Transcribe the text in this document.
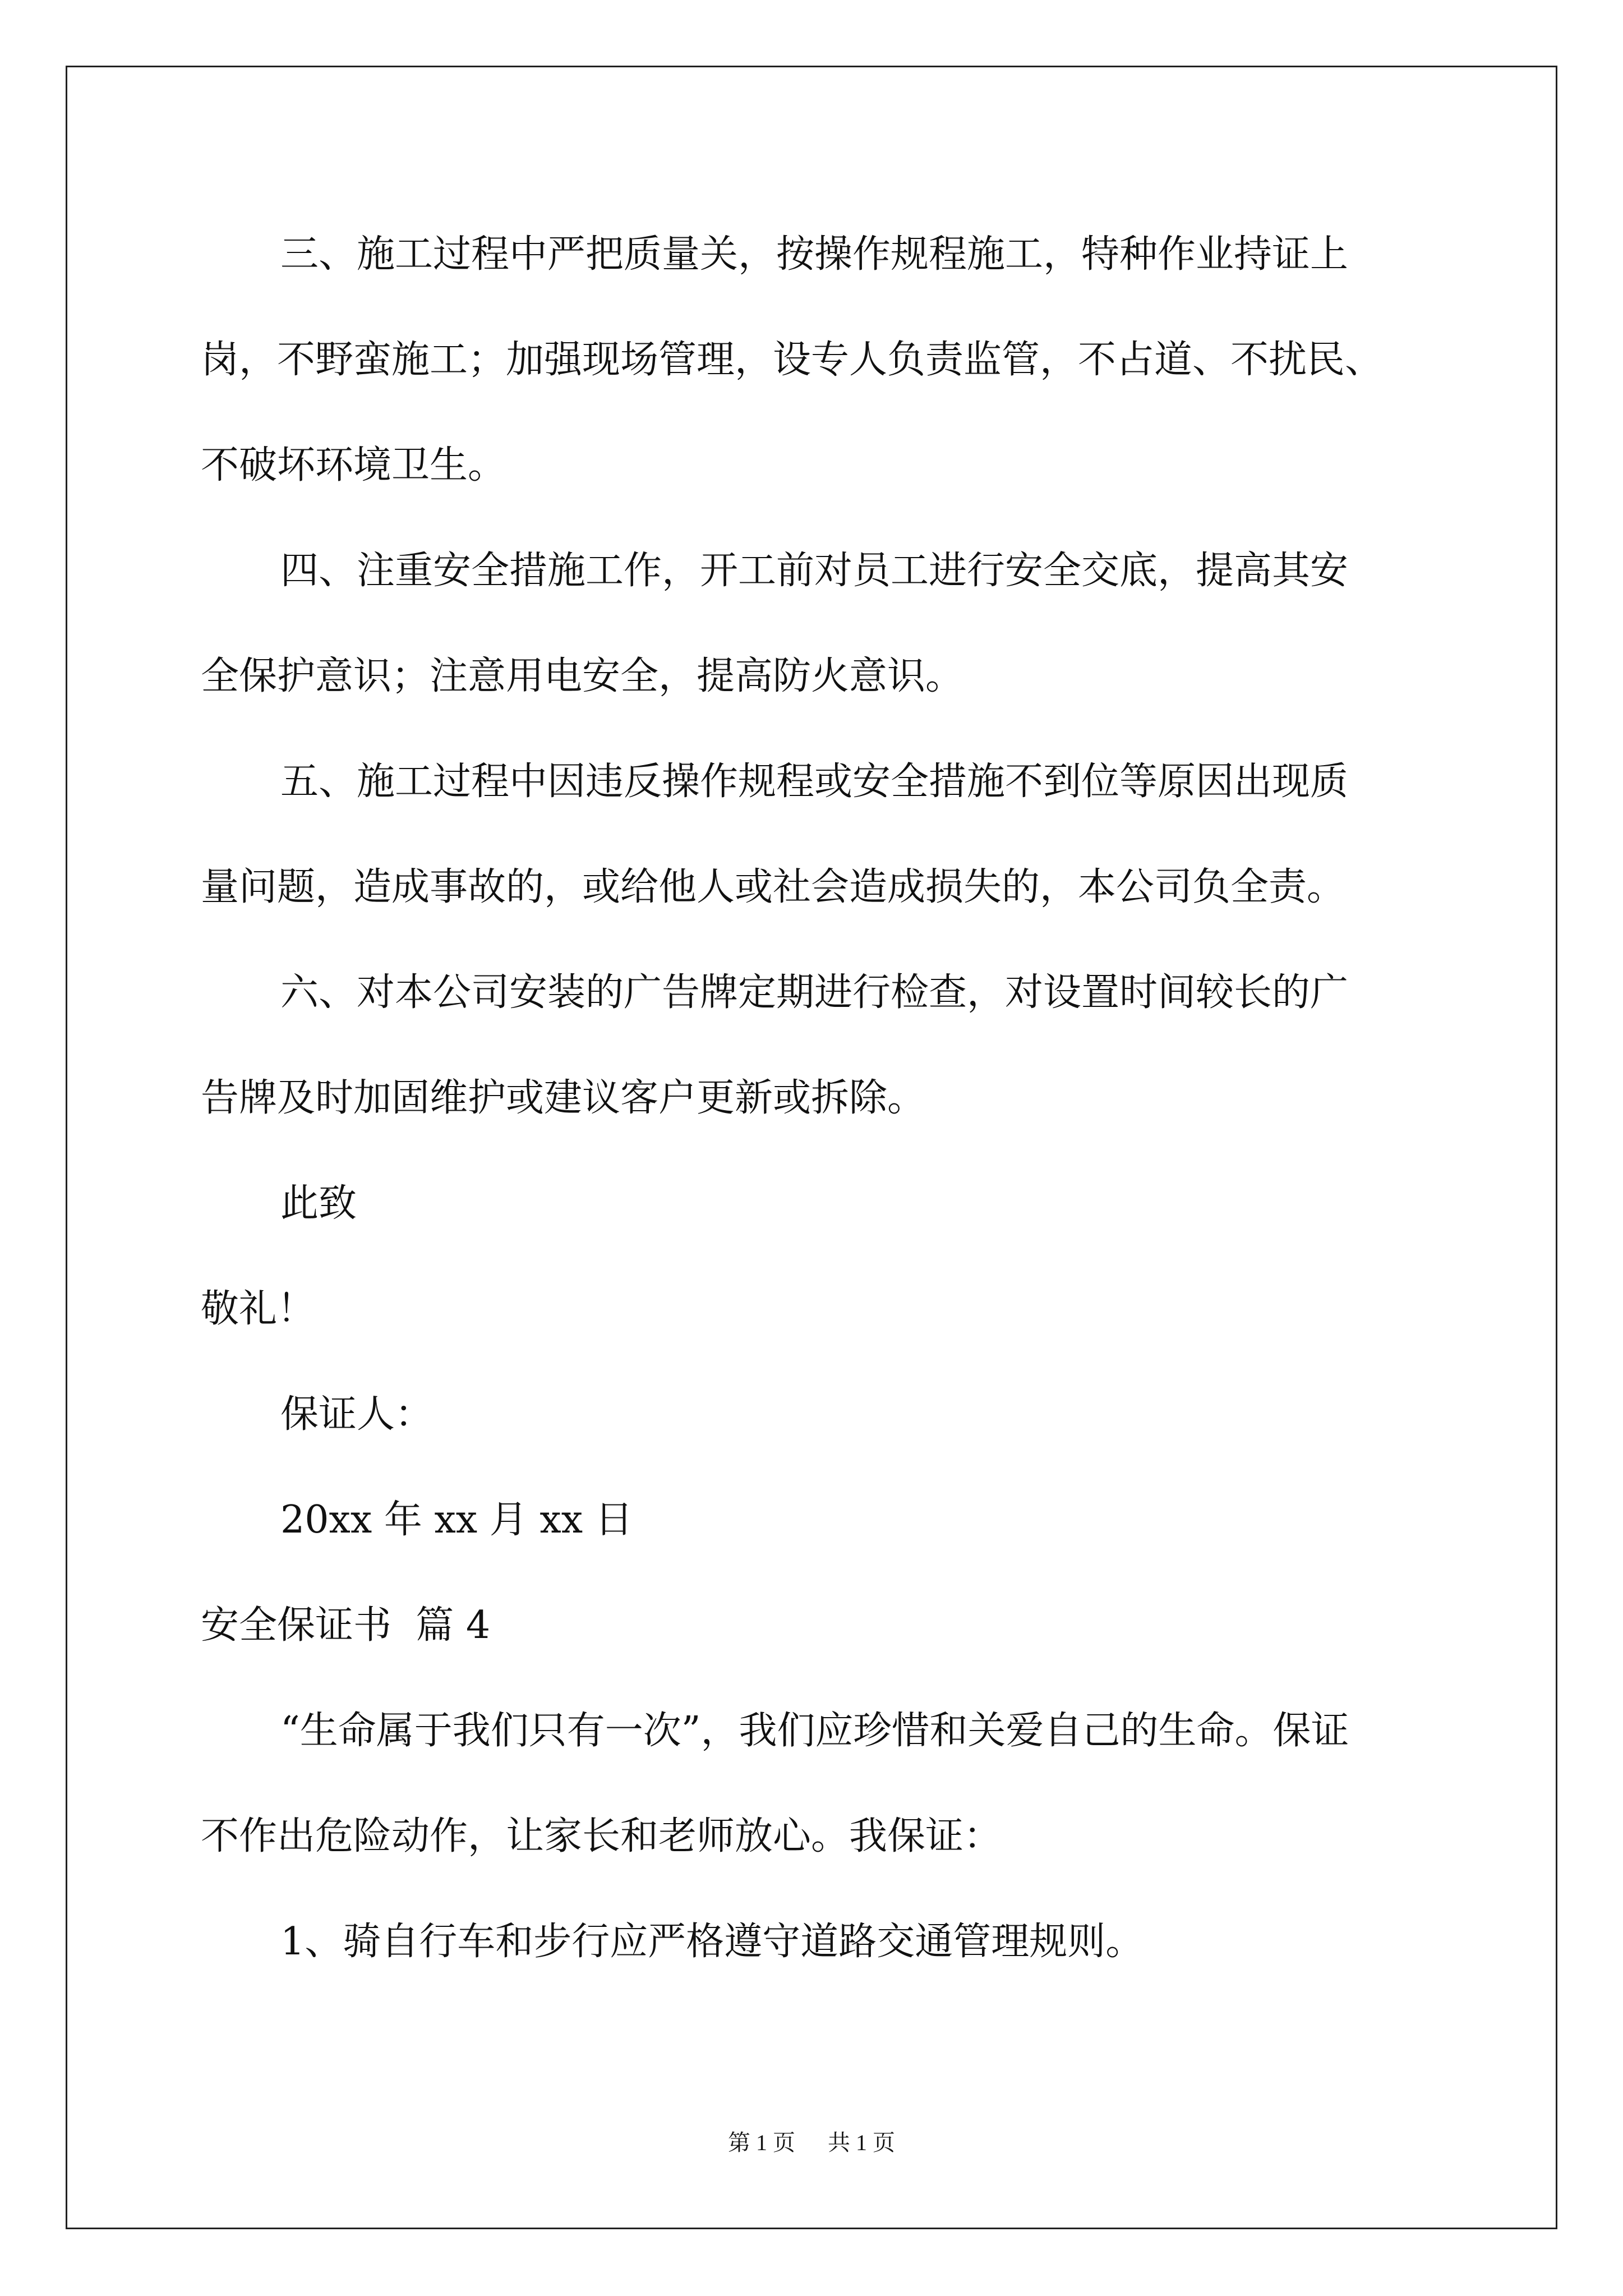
三、施工过程中严把质量关，按操作规程施工，特种作业持证上

岗，不野蛮施工；加强现场管理，设专人负责监管，不占道、不扰民、

不破坏环境卫生。

四、注重安全措施工作，开工前对员工进行安全交底，提高其安

全保护意识；注意用电安全，提高防火意识。

五、施工过程中因违反操作规程或安全措施不到位等原因出现质

量问题，造成事故的，或给他人或社会造成损失的，本公司负全责。

六、对本公司安装的广告牌定期进行检查，对设置时间较长的广

告牌及时加固维护或建议客户更新或拆除。

此致

敬礼！

保证人：

20xx 年 xx 月 xx 日

安全保证书  篇 4

“生命属于我们只有一次”，我们应珍惜和关爱自己的生命。保证

不作出危险动作，让家长和老师放心。我保证：

1、骑自行车和步行应严格遵守道路交通管理规则。

第 1 页 共 1 页
